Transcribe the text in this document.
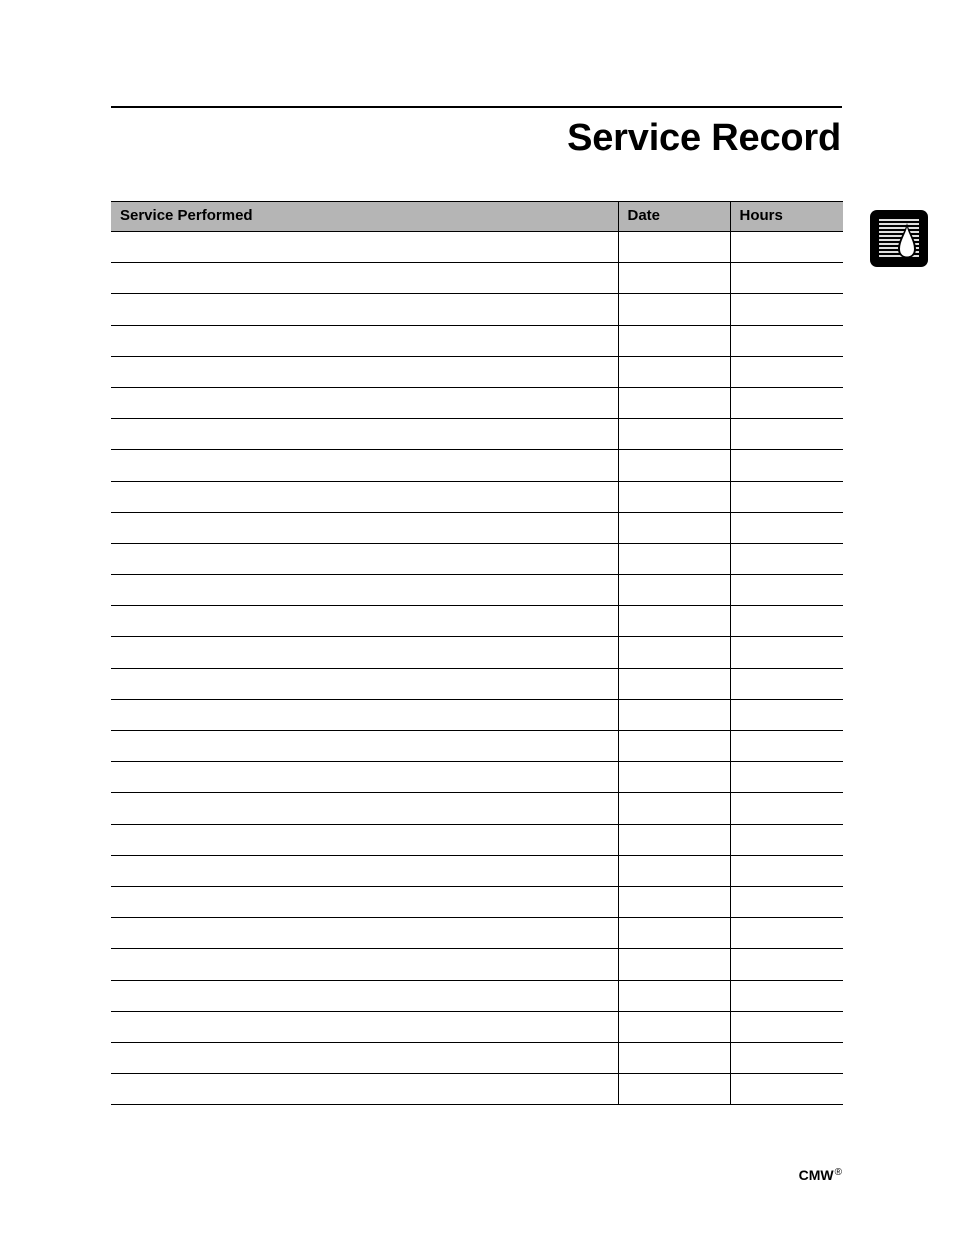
Service Record
Service Performed	Date	Hours

CMW®
